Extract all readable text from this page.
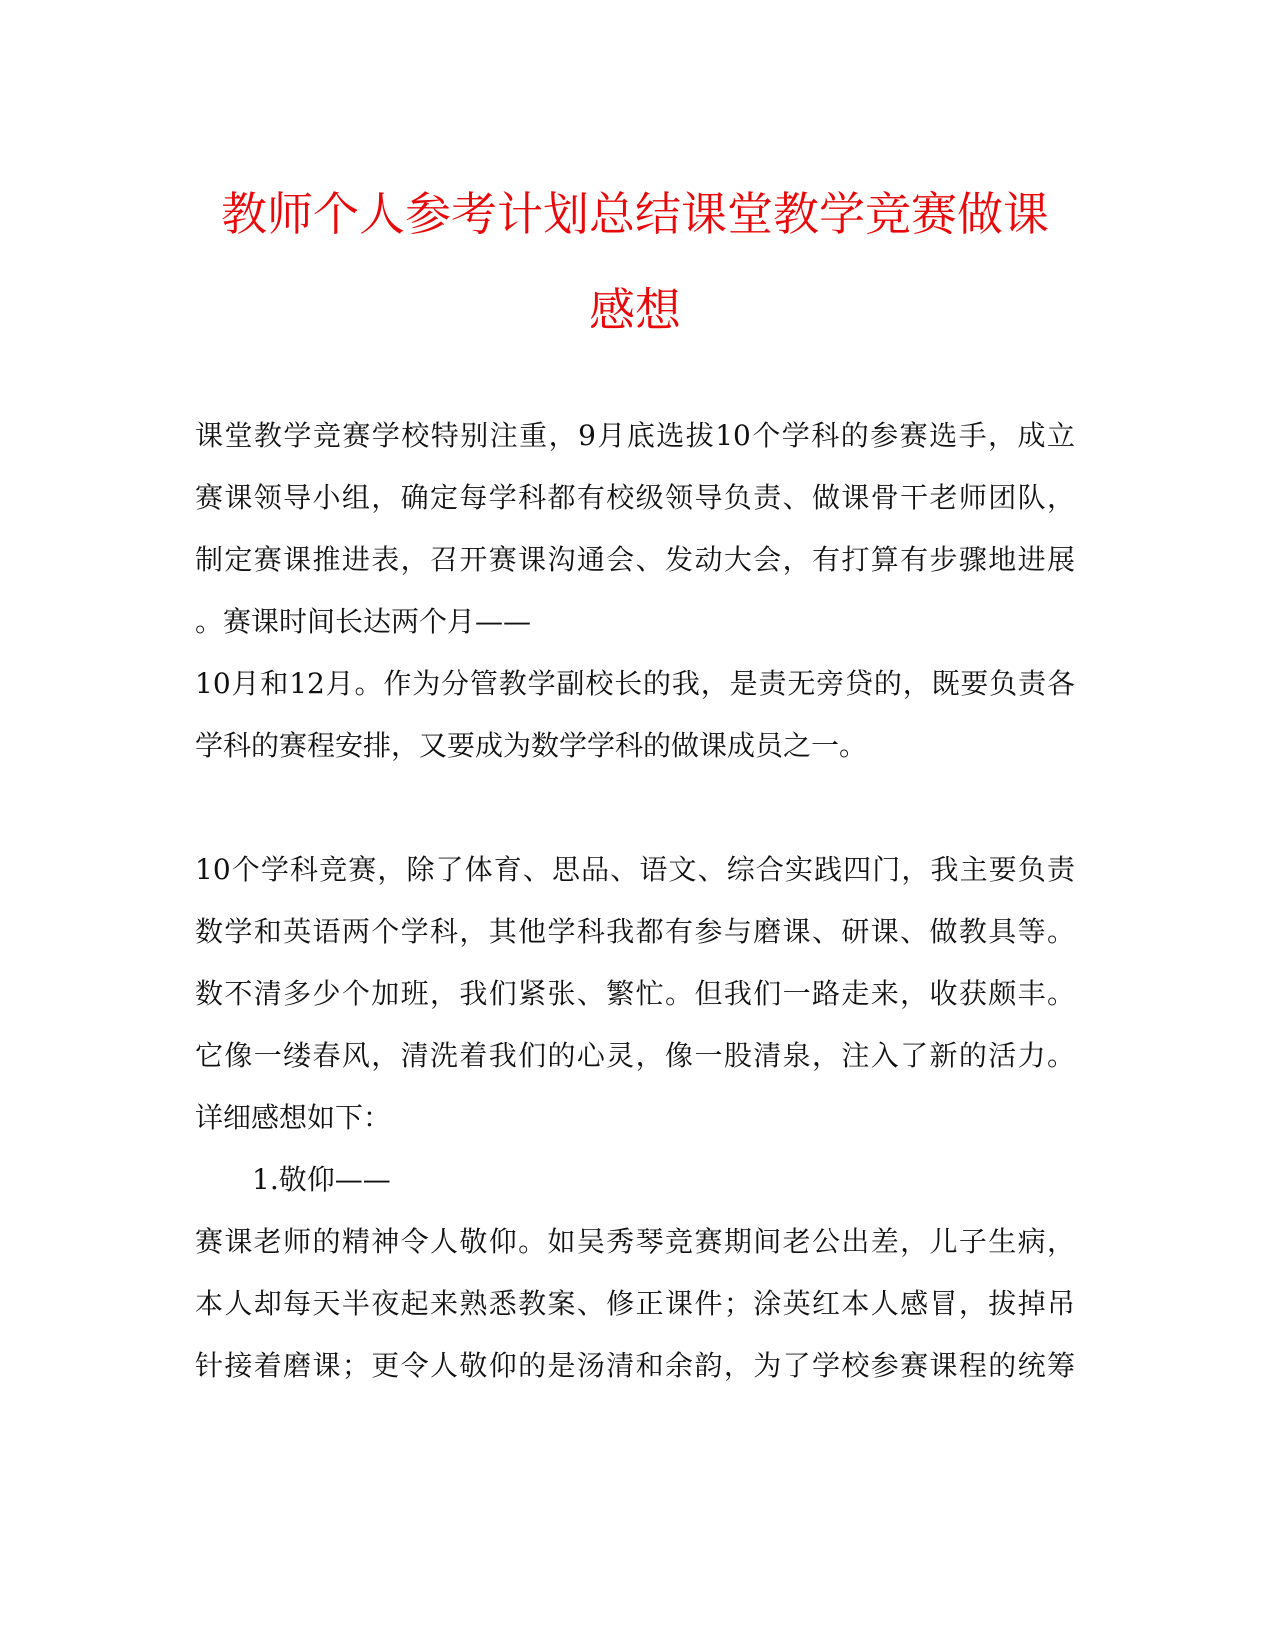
教师个人参考计划总结课堂教学竞赛做课
感想
课堂教学竞赛学校特别注重，9月底选拔10个学科的参赛选手，成立
赛课领导小组，确定每学科都有校级领导负责、做课骨干老师团队，
制定赛课推进表，召开赛课沟通会、发动大会，有打算有步骤地进展
。赛课时间长达两个月——
10月和12月。作为分管教学副校长的我，是责无旁贷的，既要负责各
学科的赛程安排，又要成为数学学科的做课成员之一。
10个学科竞赛，除了体育、思品、语文、综合实践四门，我主要负责
数学和英语两个学科，其他学科我都有参与磨课、研课、做教具等。
数不清多少个加班，我们紧张、繁忙。但我们一路走来，收获颇丰。
它像一缕春风，清洗着我们的心灵，像一股清泉，注入了新的活力。
详细感想如下：
1.敬仰——
赛课老师的精神令人敬仰。如吴秀琴竞赛期间老公出差，儿子生病，
本人却每天半夜起来熟悉教案、修正课件；涂英红本人感冒，拔掉吊
针接着磨课；更令人敬仰的是汤清和余韵，为了学校参赛课程的统筹
